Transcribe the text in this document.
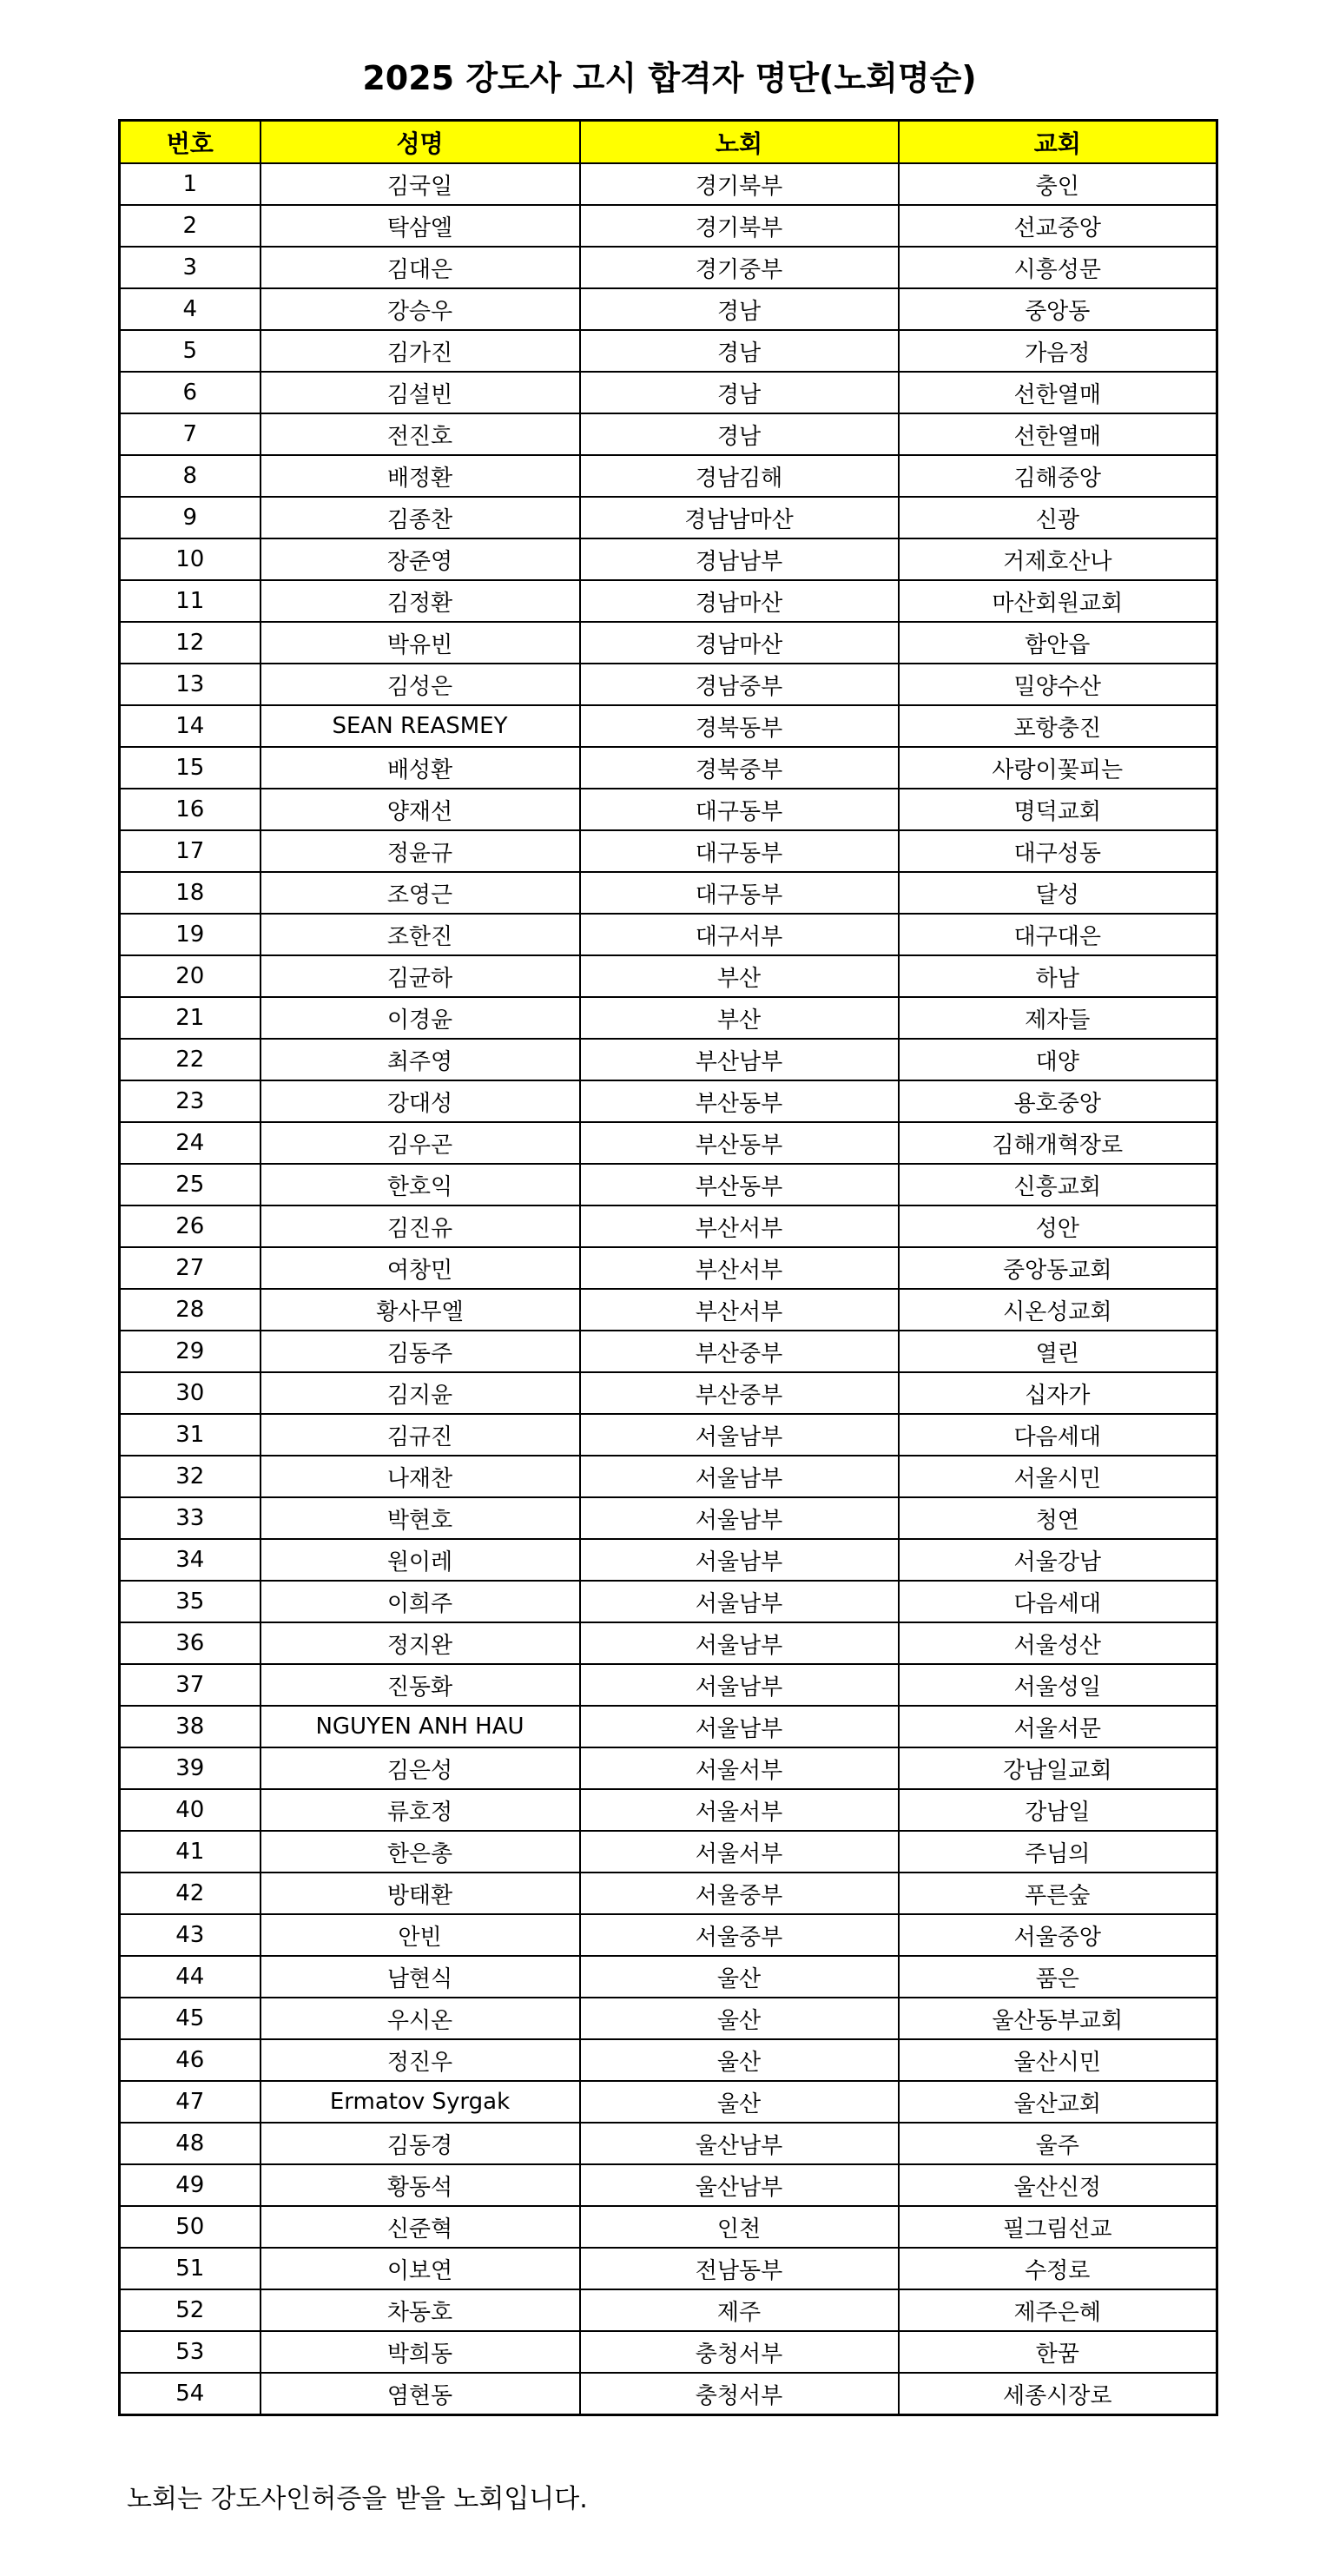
2025 강도사 고시 합격자 명단(노회명순)
번호	성명	노회	교회
1	김국일	경기북부	충인
2	탁삼엘	경기북부	선교중앙
3	김대은	경기중부	시흥성문
4	강승우	경남	중앙동
5	김가진	경남	가음정
6	김설빈	경남	선한열매
7	전진호	경남	선한열매
8	배정환	경남김해	김해중앙
9	김종찬	경남남마산	신광
10	장준영	경남남부	거제호산나
11	김정환	경남마산	마산회원교회
12	박유빈	경남마산	함안읍
13	김성은	경남중부	밀양수산
14	SEAN REASMEY	경북동부	포항충진
15	배성환	경북중부	사랑이꽃피는
16	양재선	대구동부	명덕교회
17	정윤규	대구동부	대구성동
18	조영근	대구동부	달성
19	조한진	대구서부	대구대은
20	김균하	부산	하남
21	이경윤	부산	제자들
22	최주영	부산남부	대양
23	강대성	부산동부	용호중앙
24	김우곤	부산동부	김해개혁장로
25	한호익	부산동부	신흥교회
26	김진유	부산서부	성안
27	여창민	부산서부	중앙동교회
28	황사무엘	부산서부	시온성교회
29	김동주	부산중부	열린
30	김지윤	부산중부	십자가
31	김규진	서울남부	다음세대
32	나재찬	서울남부	서울시민
33	박현호	서울남부	청연
34	원이레	서울남부	서울강남
35	이희주	서울남부	다음세대
36	정지완	서울남부	서울성산
37	진동화	서울남부	서울성일
38	NGUYEN ANH HAU	서울남부	서울서문
39	김은성	서울서부	강남일교회
40	류호정	서울서부	강남일
41	한은총	서울서부	주님의
42	방태환	서울중부	푸른숲
43	안빈	서울중부	서울중앙
44	남현식	울산	품은
45	우시온	울산	울산동부교회
46	정진우	울산	울산시민
47	Ermatov Syrgak	울산	울산교회
48	김동경	울산남부	울주
49	황동석	울산남부	울산신정
50	신준혁	인천	필그림선교
51	이보연	전남동부	수정로
52	차동호	제주	제주은혜
53	박희동	충청서부	한꿈
54	염현동	충청서부	세종시장로

노회는 강도사인허증을 받을 노회입니다.
